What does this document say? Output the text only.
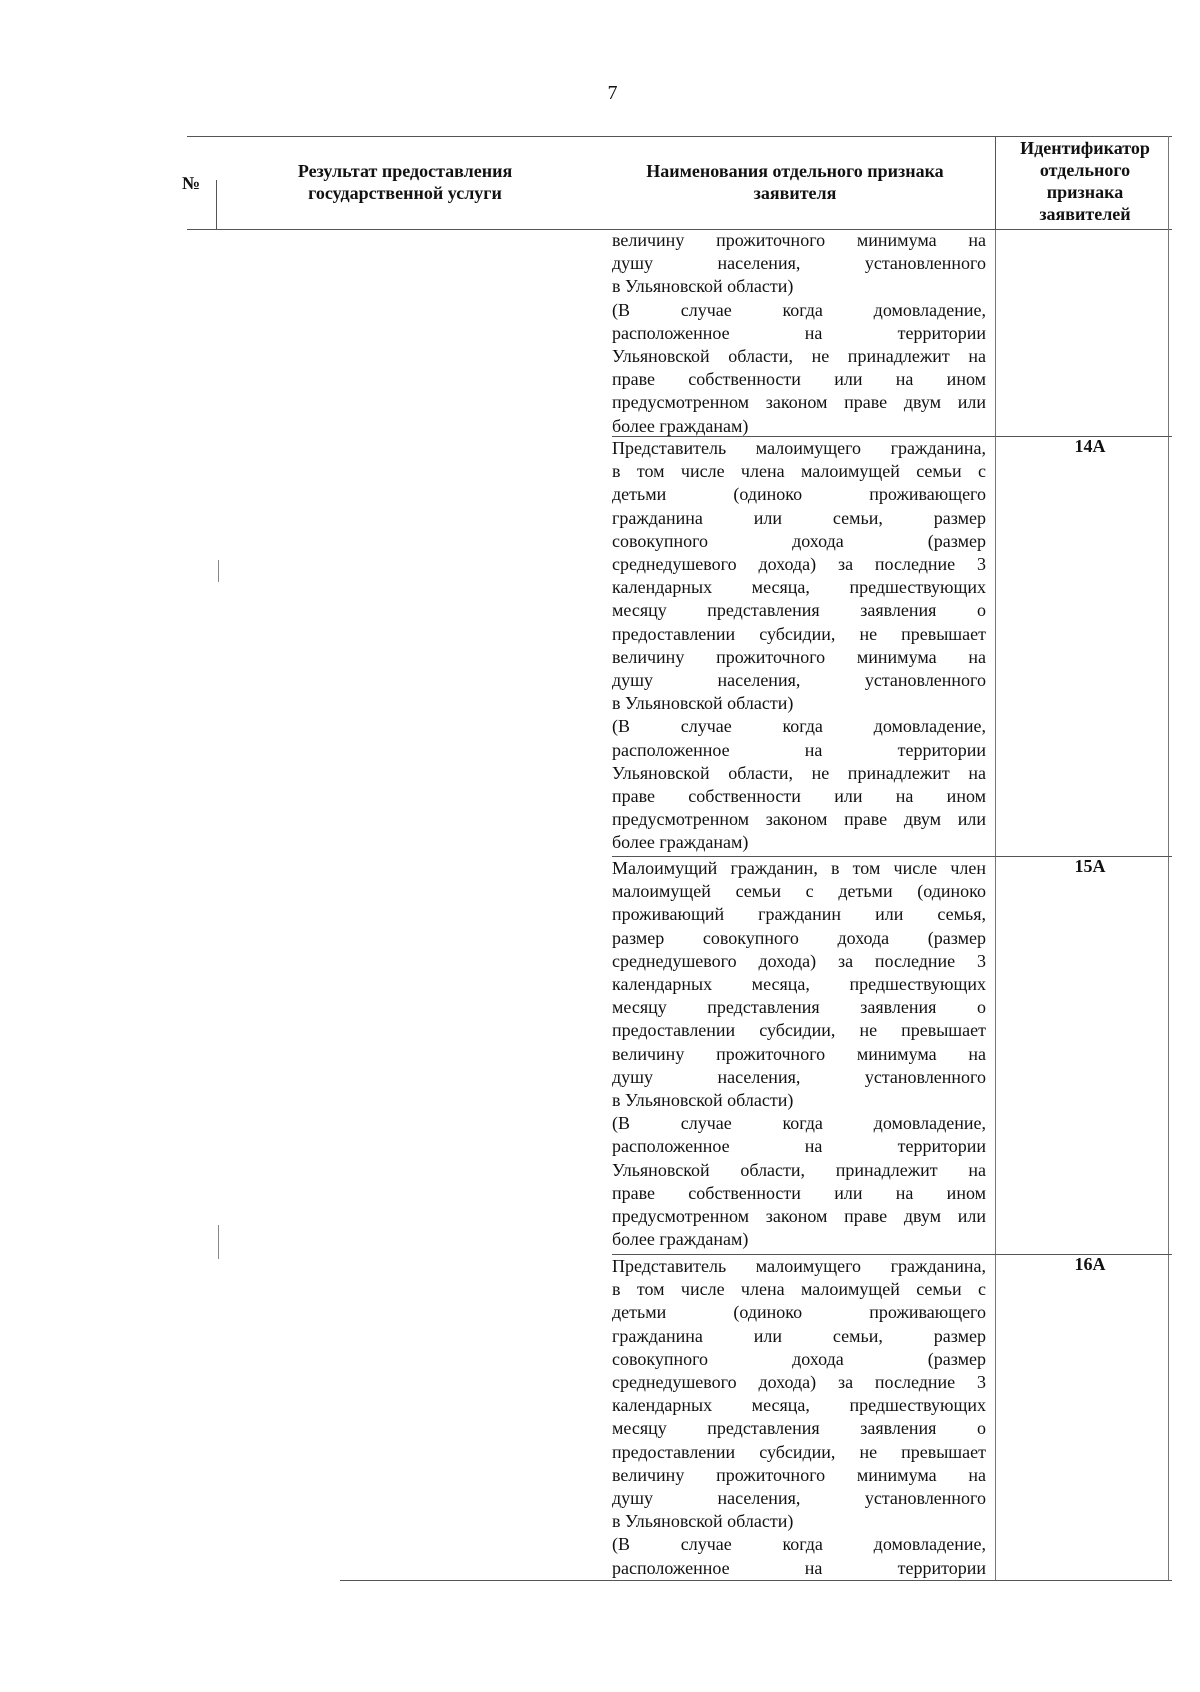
7
№
Результат предоставления государственной услуги
Наименования отдельного признака заявителя
Идентификатор отдельного признака заявителей

величину прожиточного минимума на

душу населения, установленного

в Ульяновской области)

(В случае когда домовладение,

расположенное на территории

Ульяновской области, не принадлежит на

праве собственности или на ином

предусмотренном законом праве двум или

более гражданам)

14А

Представитель малоимущего гражданина,

в том числе члена малоимущей семьи с

детьми (одиноко проживающего

гражданина или семьи, размер

совокупного дохода (размер

среднедушевого дохода) за последние 3

календарных месяца, предшествующих

месяцу представления заявления о

предоставлении субсидии, не превышает

величину прожиточного минимума на

душу населения, установленного

в Ульяновской области)

(В случае когда домовладение,

расположенное на территории

Ульяновской области, не принадлежит на

праве собственности или на ином

предусмотренном законом праве двум или

более гражданам)

15А

Малоимущий гражданин, в том числе член

малоимущей семьи с детьми (одиноко

проживающий гражданин или семья,

размер совокупного дохода (размер

среднедушевого дохода) за последние 3

календарных месяца, предшествующих

месяцу представления заявления о

предоставлении субсидии, не превышает

величину прожиточного минимума на

душу населения, установленного

в Ульяновской области)

(В случае когда домовладение,

расположенное на территории

Ульяновской области, принадлежит на

праве собственности или на ином

предусмотренном законом праве двум или

более гражданам)

16А

Представитель малоимущего гражданина,

в том числе члена малоимущей семьи с

детьми (одиноко проживающего

гражданина или семьи, размер

совокупного дохода (размер

среднедушевого дохода) за последние 3

календарных месяца, предшествующих

месяцу представления заявления о

предоставлении субсидии, не превышает

величину прожиточного минимума на

душу населения, установленного

в Ульяновской области)

(В случае когда домовладение,

расположенное на территории
